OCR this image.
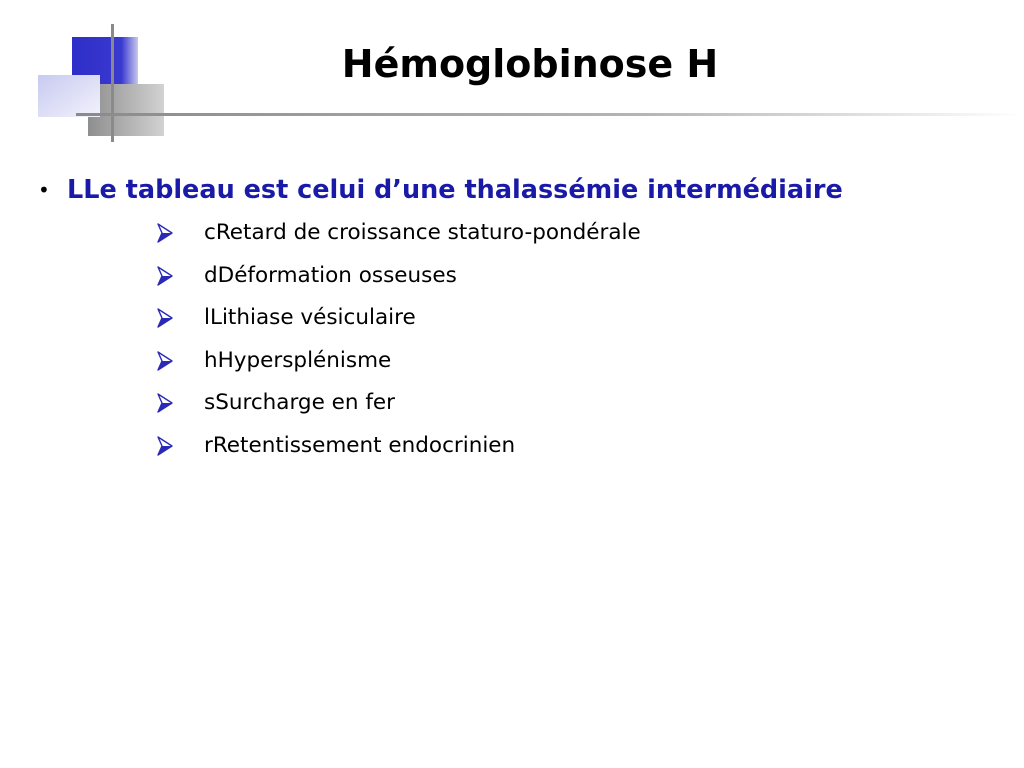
Hémoglobinose H
• LLe tableau est celui d’une thalassémie intermédiaire
cRetard de croissance staturo-pondérale
dDéformation osseuses
lLithiase vésiculaire
hHypersplénisme
sSurcharge en fer
rRetentissement endocrinien
